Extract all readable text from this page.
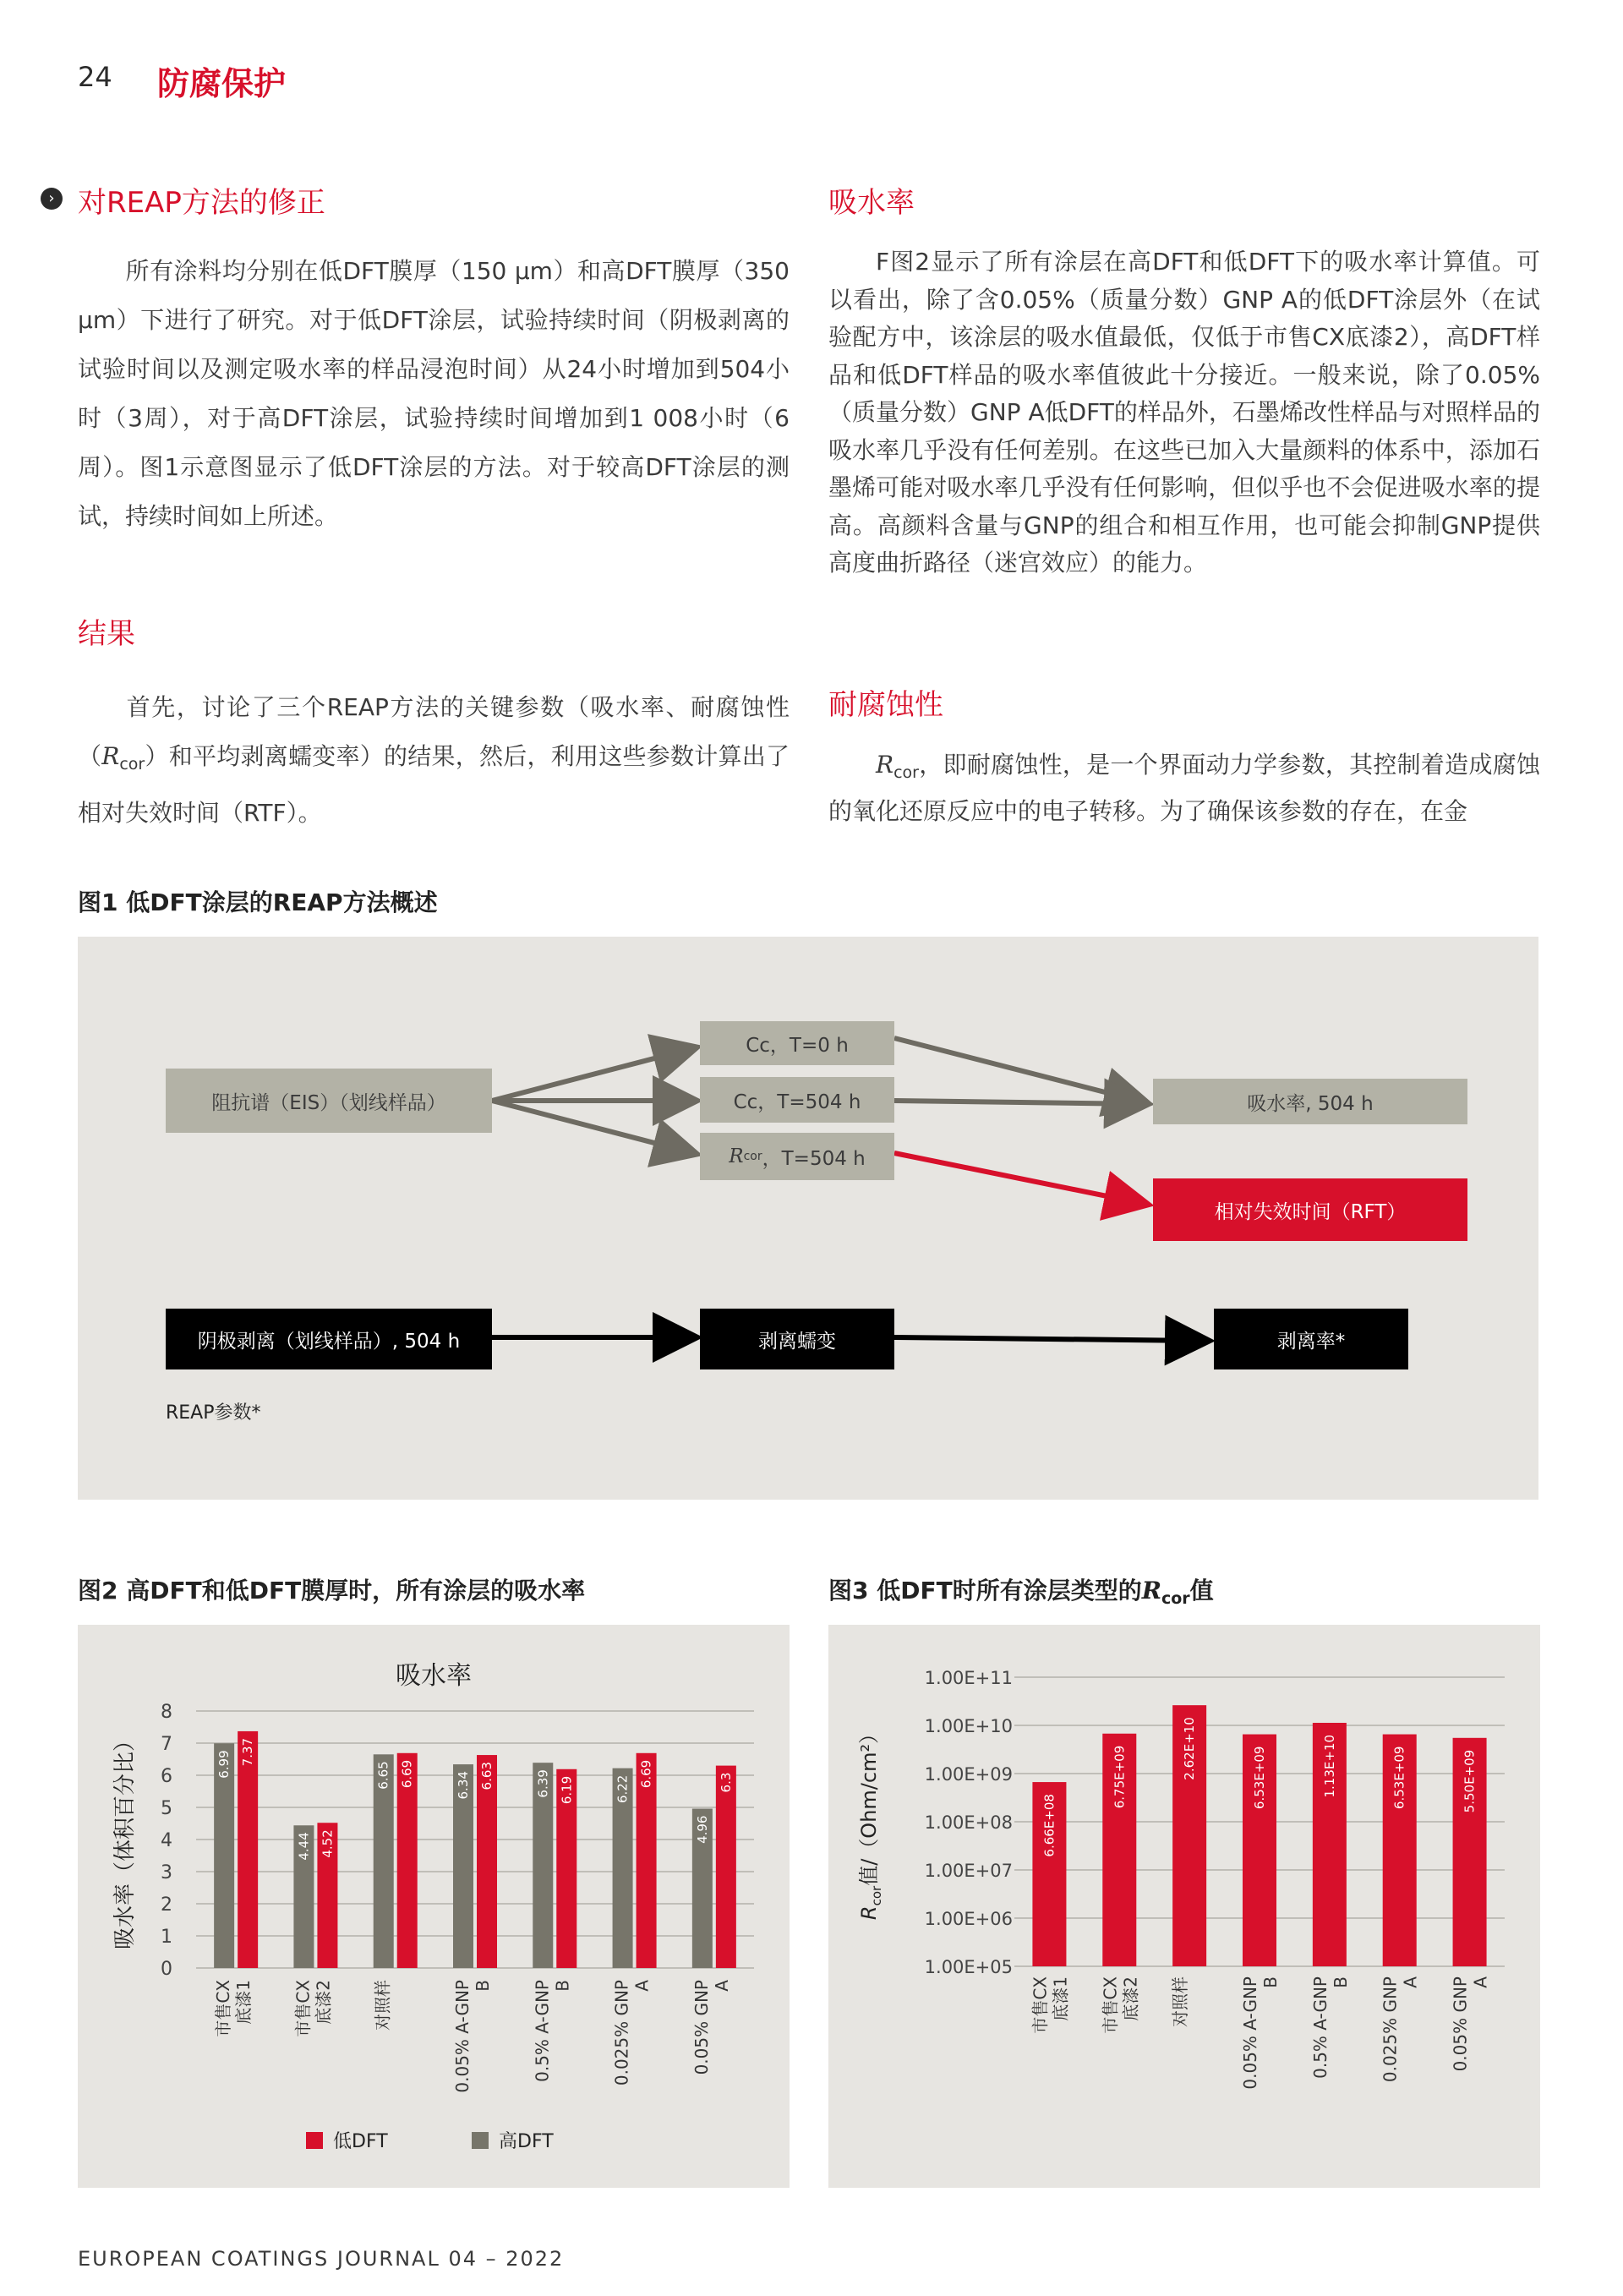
24 防腐保护
› 对REAP方法的修正
所有涂料均分别在低DFT膜厚（150 µm）和高DFT膜厚（350 µm）下进行了研究。对于低DFT涂层，试验持续时间（阴极剥离的试验时间以及测定吸水率的样品浸泡时间）从24小时增加到504小时（3周），对于高DFT涂层，试验持续时间增加到1 008小时（6周）。图1示意图显示了低DFT涂层的方法。对于较高DFT涂层的测试，持续时间如上所述。
结果
首先，讨论了三个REAP方法的关键参数（吸水率、耐腐蚀性$(R_{cor})$和平均剥离蠕变率）的结果，然后，利用这些参数计算出了相对失效时间（RTF）。
吸水率
F图2显示了所有涂层在高DFT和低DFT下的吸水率计算值。可以看出，除了含0.05%（质量分数）GNP A的低DFT涂层外（在试验配方中，该涂层的吸水值最低，仅低于市售CX底漆2），高DFT样品和低DFT样品的吸水率值彼此十分接近。一般来说，除了0.05%（质量分数）GNP A低DFT的样品外，石墨烯改性样品与对照样品的吸水率几乎没有任何差别。在这些已加入大量颜料的体系中，添加石墨烯可能对吸水率几乎没有任何影响，但似乎也不会促进吸水率的提高。高颜料含量与GNP的组合和相互作用，也可能会抑制GNP提供高度曲折路径（迷宫效应）的能力。
耐腐蚀性
$R_{cor}$，即耐腐蚀性，是一个界面动力学参数，其控制着造成腐蚀的氧化还原反应中的电子转移。为了确保该参数的存在，在金
图1 低DFT涂层的REAP方法概述
阻抗谱（EIS）（划线样品）
Cc，T=0 h
Cc，T=504 h
R cor ，T=504 h
吸水率, 504 h
相对失效时间（RFT）
阴极剥离（划线样品）, 504 h	剥离蠕变	剥离率*
REAP参数*
图2 高DFT和低DFT膜厚时，所有涂层的吸水率
吸水率
0
1
2
3
4
5
6
7
8
吸水率（体积百分比）	6.99 7.37
市售CX 底漆1
4.44 4.52
市售CX 底漆2
6.65 6.69
对照样
6.34 6.63
0.05% A-GNP B
6.39 6.19
0.5% A-GNP B
6.22
6.69
0.025% GNP A
4.96
6.3
0.05% GNP A
低DFT	高DFT
图3 低DFT时所有涂层类型的$R_{cor}$值
1.00E+05
1.00E+06
1.00E+07
1.00E+08
1.00E+09
1.00E+10
1.00E+11
$R_{cor}$值/（Ohm/cm²）	6.66E+08
市售CX 底漆1
6.75E+09
市售CX 底漆2
2.62E+10
对照样
6.53E+09
0.05% A-GNP B
1.13E+10
0.5% A-GNP B
6.53E+09
0.025% GNP A
5.50E+09
0.05% GNP A
EUROPEAN COATINGS JOURNAL 04 – 2022
